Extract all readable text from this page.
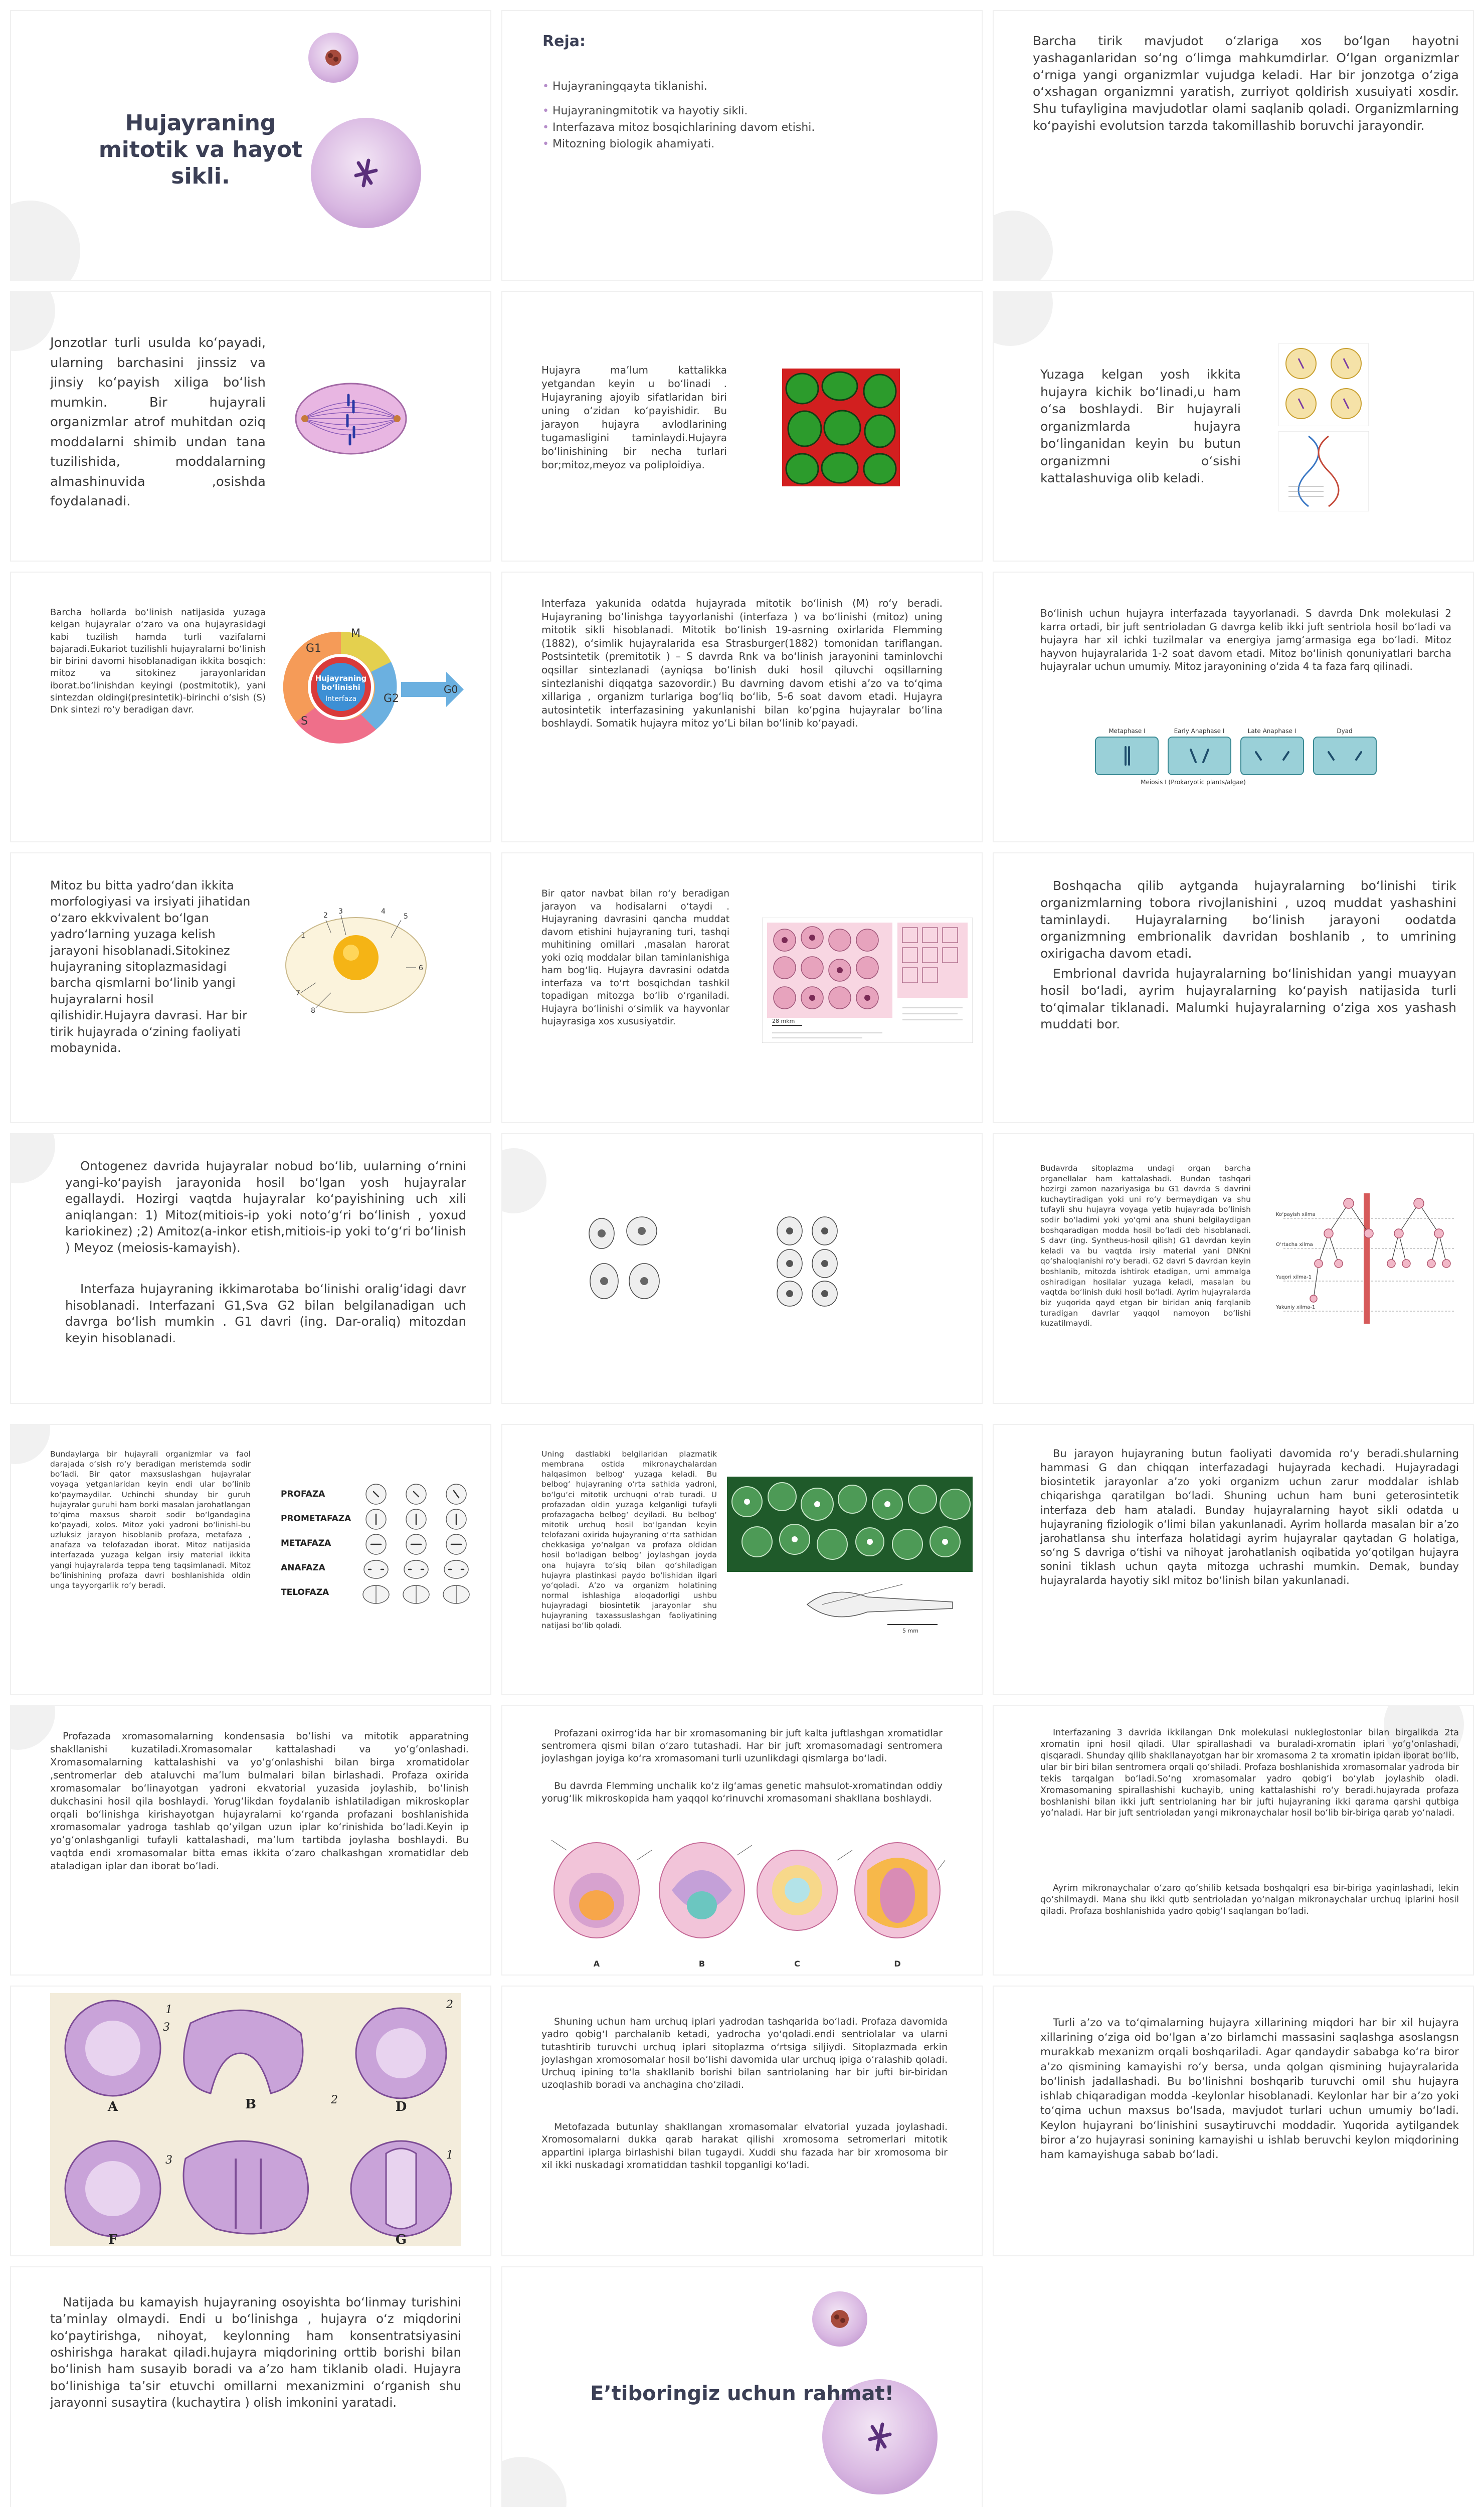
Hujayraning mitotik va hayot sikli.
Reja:
• Hujayraningqayta tiklanishi.
• Hujayraningmitotik va hayotiy sikli.
• Interfazava mitoz bosqichlarining davom etishi.
• Mitozning biologik ahamiyati.
Barcha tirik mavjudot o‘zlariga xos bo‘lgan hayotni yashaganlaridan so‘ng o‘limga mahkumdirlar. O‘lgan organizmlar o‘rniga yangi organizmlar vujudga keladi. Har bir jonzotga o‘ziga o‘xshagan organizmni yaratish, zurriyot qoldirish xusuiyati xosdir. Shu tufayligina mavjudotlar olami saqlanib qoladi. Organizmlarning ko‘payishi evolutsion tarzda takomillashib boruvchi jarayondir.
Jonzotlar turli usulda ko‘payadi, ularning barchasini jinssiz va jinsiy ko‘payish xiliga bo‘lish mumkin. Bir hujayrali organizmlar atrof muhitdan oziq moddalarni shimib undan tana tuzilishida, moddalarning almashinuvida ,osishda foydalanadi.
Hujayra ma’lum kattalikka yetgandan keyin u bo‘linadi . Hujayraning ajoyib sifatlaridan biri uning o‘zidan ko‘payishidir. Bu jarayon hujayra avlodlarining tugamasligini taminlaydi.Hujayra bo‘linishining bir necha turlari bor;mitoz,meyoz va poliploidiya.
Yuzaga kelgan yosh ikkita hujayra kichik bo‘linadi,u ham o‘sa boshlaydi. Bir hujayrali organizmlarda hujayra bo‘linganidan keyin bu butun organizmni o‘sishi kattalashuviga olib keladi.
Barcha hollarda bo‘linish natijasida yuzaga kelgan hujayralar o‘zaro va ona hujayrasidagi kabi tuzilish hamda turli vazifalarni bajaradi.Eukariot tuzilishli hujayralarni bo‘linish bir birini davomi hisoblanadigan ikkita bosqich: mitoz va sitokinez jarayonlaridan iborat.bo‘linishdan keyingi (postmitotik), yani sintezdan oldingi(presintetik)-birinchi o‘sish (S) Dnk sintezi ro‘y beradigan davr.
Hujayraning
bo‘linishi
Interfaza
G1
M
S
G2
G0
Interfaza yakunida odatda hujayrada mitotik bo‘linish (M) ro‘y beradi. Hujayraning bo‘linishga tayyorlanishi (interfaza ) va bo‘linishi (mitoz) uning mitotik sikli hisoblanadi. Mitotik bo‘linish 19-asrning oxirlarida Flemming (1882), o‘simlik hujayralarida esa Strasburger(1882) tomonidan tariflangan. Postsintetik (premitotik ) – S davrda Rnk va bo‘linish jarayonini taminlovchi oqsillar sintezlanadi (ayniqsa bo‘linish duki hosil qiluvchi oqsillarning sintezlanishi diqqatga sazovordir.) Bu davrning davom etishi a’zo va to‘qima xillariga , organizm turlariga bog‘liq bo‘lib, 5-6 soat davom etadi. Hujayra autosintetik interfazasining yakunlanishi bilan ko‘pgina hujayralar bo‘lina boshlaydi. Somatik hujayra mitoz yo‘Li bilan bo‘linib ko‘payadi.
Bo‘linish uchun hujayra interfazada tayyorlanadi. S davrda Dnk molekulasi 2 karra ortadi, bir juft sentrioladan G davrga kelib ikki juft sentriola hosil bo‘ladi va hujayra har xil ichki tuzilmalar va energiya jamg‘armasiga ega bo‘ladi. Mitoz hayvon hujayralarida 1-2 soat davom etadi. Mitoz bo‘linish qonuniyatlari barcha hujayralar uchun umumiy. Mitoz jarayonining o‘zida 4 ta faza farq qilinadi.
Metaphase I	Early Anaphase I	Late Anaphase I	Dyad
Meiosis I (Prokaryotic plants/algae)
Mitoz bu bitta yadro‘dan ikkita morfologiyasi va irsiyati jihatidan o‘zaro ekkvivalent bo‘lgan yadro‘larning yuzaga kelish jarayoni hisoblanadi.Sitokinez hujayraning sitoplazmasidagi barcha qismlarni bo‘linib yangi hujayralarni hosil qilishidir.Hujayra davrasi. Har bir tirik hujayrada o‘zining faoliyati mobaynida.
2 3	4
5
6
7
8
1
Bir qator navbat bilan ro‘y beradigan jarayon va hodisalarni o‘taydi . Hujayraning davrasini qancha muddat davom etishini hujayraning turi, tashqi muhitining omillari ,masalan harorat yoki oziq moddalar bilan taminlanishiga ham bog‘liq. Hujayra davrasini odatda interfaza va to‘rt bosqichdan tashkil topadigan mitozga bo‘lib o‘rganiladi. Hujayra bo‘linishi o‘simlik va hayvonlar hujayrasiga xos xususiyatdir.	28 mkm
Boshqacha qilib aytganda hujayralarning bo‘linishi tirik organizmlarning tobora rivojlanishini , uzoq muddat yashashini taminlaydi. Hujayralarning bo‘linish jarayoni oodatda organizmning embrionalik davridan boshlanib , to umrining oxirigacha davom etadi.
Embrional davrida hujayralarning bo‘linishidan yangi muayyan hosil bo‘ladi, ayrim hujayralarning ko‘payish natijasida turli to‘qimalar tiklanadi. Malumki hujayralarning o‘ziga xos yashash muddati bor.
Ontogenez davrida hujayralar nobud bo‘lib, uularning o‘rnini yangi-ko‘payish jarayonida hosil bo‘lgan yosh hujayralar egallaydi. Hozirgi vaqtda hujayralar ko‘payishining uch xili aniqlangan: 1) Mitoz(mitiois-ip yoki noto‘g‘ri bo‘linish , yoxud kariokinez) ;2) Amitoz(a-inkor etish,mitiois-ip yoki to‘g‘ri bo‘linish ) Meyoz (meiosis-kamayish).
Interfaza hujayraning ikkimarotaba bo‘linishi oralig‘idagi davr hisoblanadi. Interfazani G1,Sva G2 bilan belgilanadigan uch davrga bo‘lish mumkin . G1 davri (ing. Dar-oraliq) mitozdan keyin hisoblanadi.
Budavrda sitoplazma undagi organ barcha organellalar ham kattalashadi. Bundan tashqari hozirgi zamon nazariyasiga bu G1 davrda S davrini kuchaytiradigan yoki uni ro‘y bermaydigan va shu tufayli shu hujayra voyaga yetib hujayrada bo‘linish sodir bo‘ladimi yoki yo‘qmi ana shuni belgilaydigan boshqaradigan modda hosil bo‘ladi deb hisoblanadi. S davr (ing. Syntheus-hosil qilish) G1 davrdan keyin keladi va bu vaqtda irsiy material yani DNKni qo‘shaloqlanishi ro‘y beradi. G2 davri S davrdan keyin boshlanib, mitozda ishtirok etadigan, urni ammalga oshiradigan hosilalar yuzaga keladi, masalan bu vaqtda bo‘linish duki hosil bo‘ladi. Ayrim hujayralarda biz yuqorida qayd etgan bir biridan aniq farqlanib turadigan davrlar yaqqol namoyon bo‘lishi kuzatilmaydi.
Ko‘payish xilma
O‘rtacha xilma
Yuqori xilma-1
Yakuniy xilma-1
Bundaylarga bir hujayrali organizmlar va faol darajada o‘sish ro‘y beradigan meristemda sodir bo‘ladi. Bir qator maxsuslashgan hujayralar voyaga yetganlaridan keyin endi ular bo‘linib ko‘paymaydilar. Uchinchi shunday bir guruh hujayralar guruhi ham borki masalan jarohatlangan to‘qima maxsus sharoit sodir bo‘lgandagina ko‘payadi, xolos. Mitoz yoki yadroni bo‘linishi-bu uzluksiz jarayon hisoblanib profaza, metafaza , anafaza va telofazadan iborat. Mitoz natijasida interfazada yuzaga kelgan irsiy material ikkita yangi hujayralarda teppa teng taqsimlanadi. Mitoz bo‘linishining profaza davri boshlanishida oldin unga tayyorgarlik ro‘y beradi.
PROFAZA
PROMETAFAZA
METAFAZA
ANAFAZA
TELOFAZA
Uning dastlabki belgilaridan plazmatik membrana ostida mikronaychalardan halqasimon belbog‘ yuzaga keladi. Bu belbog‘ hujayraning o‘rta sathida yadroni, bo‘lgu‘ci mitotik urchuqni o‘rab turadi. U profazadan oldin yuzaga kelganligi tufayli profazagacha belbog‘ deyiladi. Bu belbog‘ mitotik urchuq hosil bo‘lgandan keyin telofazani oxirida hujayraning o‘rta sathidan chekkasiga yo‘nalgan va profaza oldidan hosil bo‘ladigan belbog‘ joylashgan joyda ona hujayra to‘siq bilan qo‘shiladigan hujayra plastinkasi paydo bo‘lishidan ilgari yo‘qoladi. A’zo va organizm holatining normal ishlashiga aloqadorligi ushbu hujayradagi biosintetik jarayonlar shu hujayraning taxassuslashgan faoliyatining natijasi bo‘lib qoladi.
5 mm
Bu jarayon hujayraning butun faoliyati davomida ro‘y beradi.shularning hammasi G dan chiqqan interfazadagi hujayrada kechadi. Hujayradagi biosintetik jarayonlar a’zo yoki organizm uchun zarur moddalar ishlab chiqarishga qaratilgan bo‘ladi. Shuning uchun ham buni geterosintetik interfaza deb ham ataladi. Bunday hujayralarning hayot sikli odatda u hujayraning fiziologik o‘limi bilan yakunlanadi. Ayrim hollarda masalan bir a’zo jarohatlansa shu interfaza holatidagi ayrim hujayralar qaytadan G holatiga, so‘ng S davriga o‘tishi va nihoyat jarohatlanish oqibatida yo‘qotilgan hujayra sonini tiklash uchun qayta mitozga uchrashi mumkin. Demak, bunday hujayralarda hayotiy sikl mitoz bo‘linish bilan yakunlanadi.
Profazada xromasomalarning kondensasia bo‘lishi va mitotik apparatning shakllanishi kuzatiladi.Xromasomalar kattalashadi va yo‘g‘onlashadi. Xromasomalarning kattalashishi va yo‘g‘onlashishi bilan birga xromatidolar ,sentromerlar deb ataluvchi ma’lum bulmalari bilan birlashadi. Profaza oxirida xromasomalar bo‘linayotgan yadroni ekvatorial yuzasida joylashib, bo‘linish dukchasini hosil qila boshlaydi. Yorug‘likdan foydalanib ishlatiladigan mikroskoplar orqali bo‘linishga kirishayotgan hujayralarni ko‘rganda profazani boshlanishida xromasomalar yadroga tashlab qo‘yilgan uzun iplar ko‘rinishida bo‘ladi.Keyin ip yo‘g‘onlashganligi tufayli kattalashadi, ma’lum tartibda joylasha boshlaydi. Bu vaqtda endi xromasomalar bitta emas ikkita o‘zaro chalkashgan xromatidlar deb ataladigan iplar dan iborat bo‘ladi.
Profazani oxirrog‘ida har bir xromasomaning bir juft kalta juftlashgan xromatidlar sentromera qismi bilan o‘zaro tutashadi. Har bir juft xromasomadagi sentromera joylashgan joyiga ko‘ra xromasomani turli uzunlikdagi qismlarga bo‘ladi.
Bu davrda Flemming unchalik ko‘z ilg‘amas genetic mahsulot-xromatindan oddiy yorug‘lik mikroskopida ham yaqqol ko‘rinuvchi xromasomani shakllana boshlaydi.
A	B	C	D
Interfazaning 3 davrida ikkilangan Dnk molekulasi nukleglostonlar bilan birgalikda 2ta xromatin ipni hosil qiladi. Ular spirallashadi va buraladi-xromatin iplari yo‘g‘onlashadi, qisqaradi. Shunday qilib shakllanayotgan har bir xromasoma 2 ta xromatin ipidan iborat bo‘lib, ular bir biri bilan sentromera orqali qo‘shiladi. Profaza boshlanishida xromasomalar yadroda bir tekis tarqalgan bo‘ladi.So‘ng xromasomalar yadro qobig‘i bo‘ylab joylashib oladi. Xromasomaning spirallashishi kuchayib, uning kattalashishi ro‘y beradi.hujayrada profaza boshlanishi bilan ikki juft sentriolaning har bir jufti hujayraning ikki qarama qarshi qutbiga yo‘naladi. Har bir juft sentrioladan yangi mikronaychalar hosil bo‘lib bir-biriga qarab yo‘naladi.
Ayrim mikronaychalar o‘zaro qo‘shilib ketsada boshqalqri esa bir-biriga yaqinlashadi, lekin qo‘shilmaydi. Mana shu ikki qutb sentrioladan yo‘nalgan mikronaychalar urchuq iplarini hosil qiladi. Profaza boshlanishida yadro qobig‘I saqlangan bo‘ladi.
1
3
2
1
3
2
A	B	D
F	G
Shuning uchun ham urchuq iplari yadrodan tashqarida bo‘ladi. Profaza davomida yadro qobig‘I parchalanib ketadi, yadrocha yo‘qoladi.endi sentriolalar va ularni tutashtirib turuvchi urchuq iplari sitoplazma o‘rtsiga siljiydi. Sitoplazmada erkin joylashgan xromosomalar hosil bo‘lishi davomida ular urchuq ipiga o‘ralashib qoladi. Urchuq ipining to‘la shakllanib borishi bilan santriolaning har bir jufti bir-biridan uzoqlashib boradi va anchagina cho‘ziladi.
Metofazada butunlay shakllangan xromasomalar elvatorial yuzada joylashadi. Xromosomalarni dukka qarab harakat qilishi xromosoma setromerlari mitotik appartini iplarga birlashishi bilan tugaydi. Xuddi shu fazada har bir xromosoma bir xil ikki nuskadagi xromatiddan tashkil topganligi ko‘ladi.
Turli a’zo va to‘qimalarning hujayra xillarining miqdori har bir xil hujayra xillarining o‘ziga oid bo‘lgan a’zo birlamchi massasini saqlashga asoslangsn murakkab mexanizm orqali boshqariladi. Agar qandaydir sababga ko‘ra biror a’zo qismining kamayishi ro‘y bersa, unda qolgan qismining hujayralarida bo‘linish jadallashadi. Bu bo‘linishni boshqarib turuvchi omil shu hujayra ishlab chiqaradigan modda -keylonlar hisoblanadi. Keylonlar har bir a’zo yoki to‘qima uchun maxsus bo‘lsada, mavjudot turlari uchun umumiy bo‘ladi. Keylon hujayrani bo‘linishini susaytiruvchi moddadir. Yuqorida aytilgandek biror a’zo hujayrasi sonining kamayishi u ishlab beruvchi keylon miqdorining ham kamayishuga sabab bo‘ladi.
Natijada bu kamayish hujayraning osoyishta bo‘linmay turishini ta’minlay olmaydi. Endi u bo‘linishga , hujayra o‘z miqdorini ko‘paytirishga, nihoyat, keylonning ham konsentratsiyasini oshirishga harakat qiladi.hujayra miqdorining orttib borishi bilan bo‘linish ham susayib boradi va a’zo ham tiklanib oladi. Hujayra bo‘linishiga ta’sir etuvchi omillarni mexanizmini o‘rganish shu jarayonni susaytira (kuchaytira ) olish imkonini yaratadi.	E’tiboringiz uchun rahmat!
